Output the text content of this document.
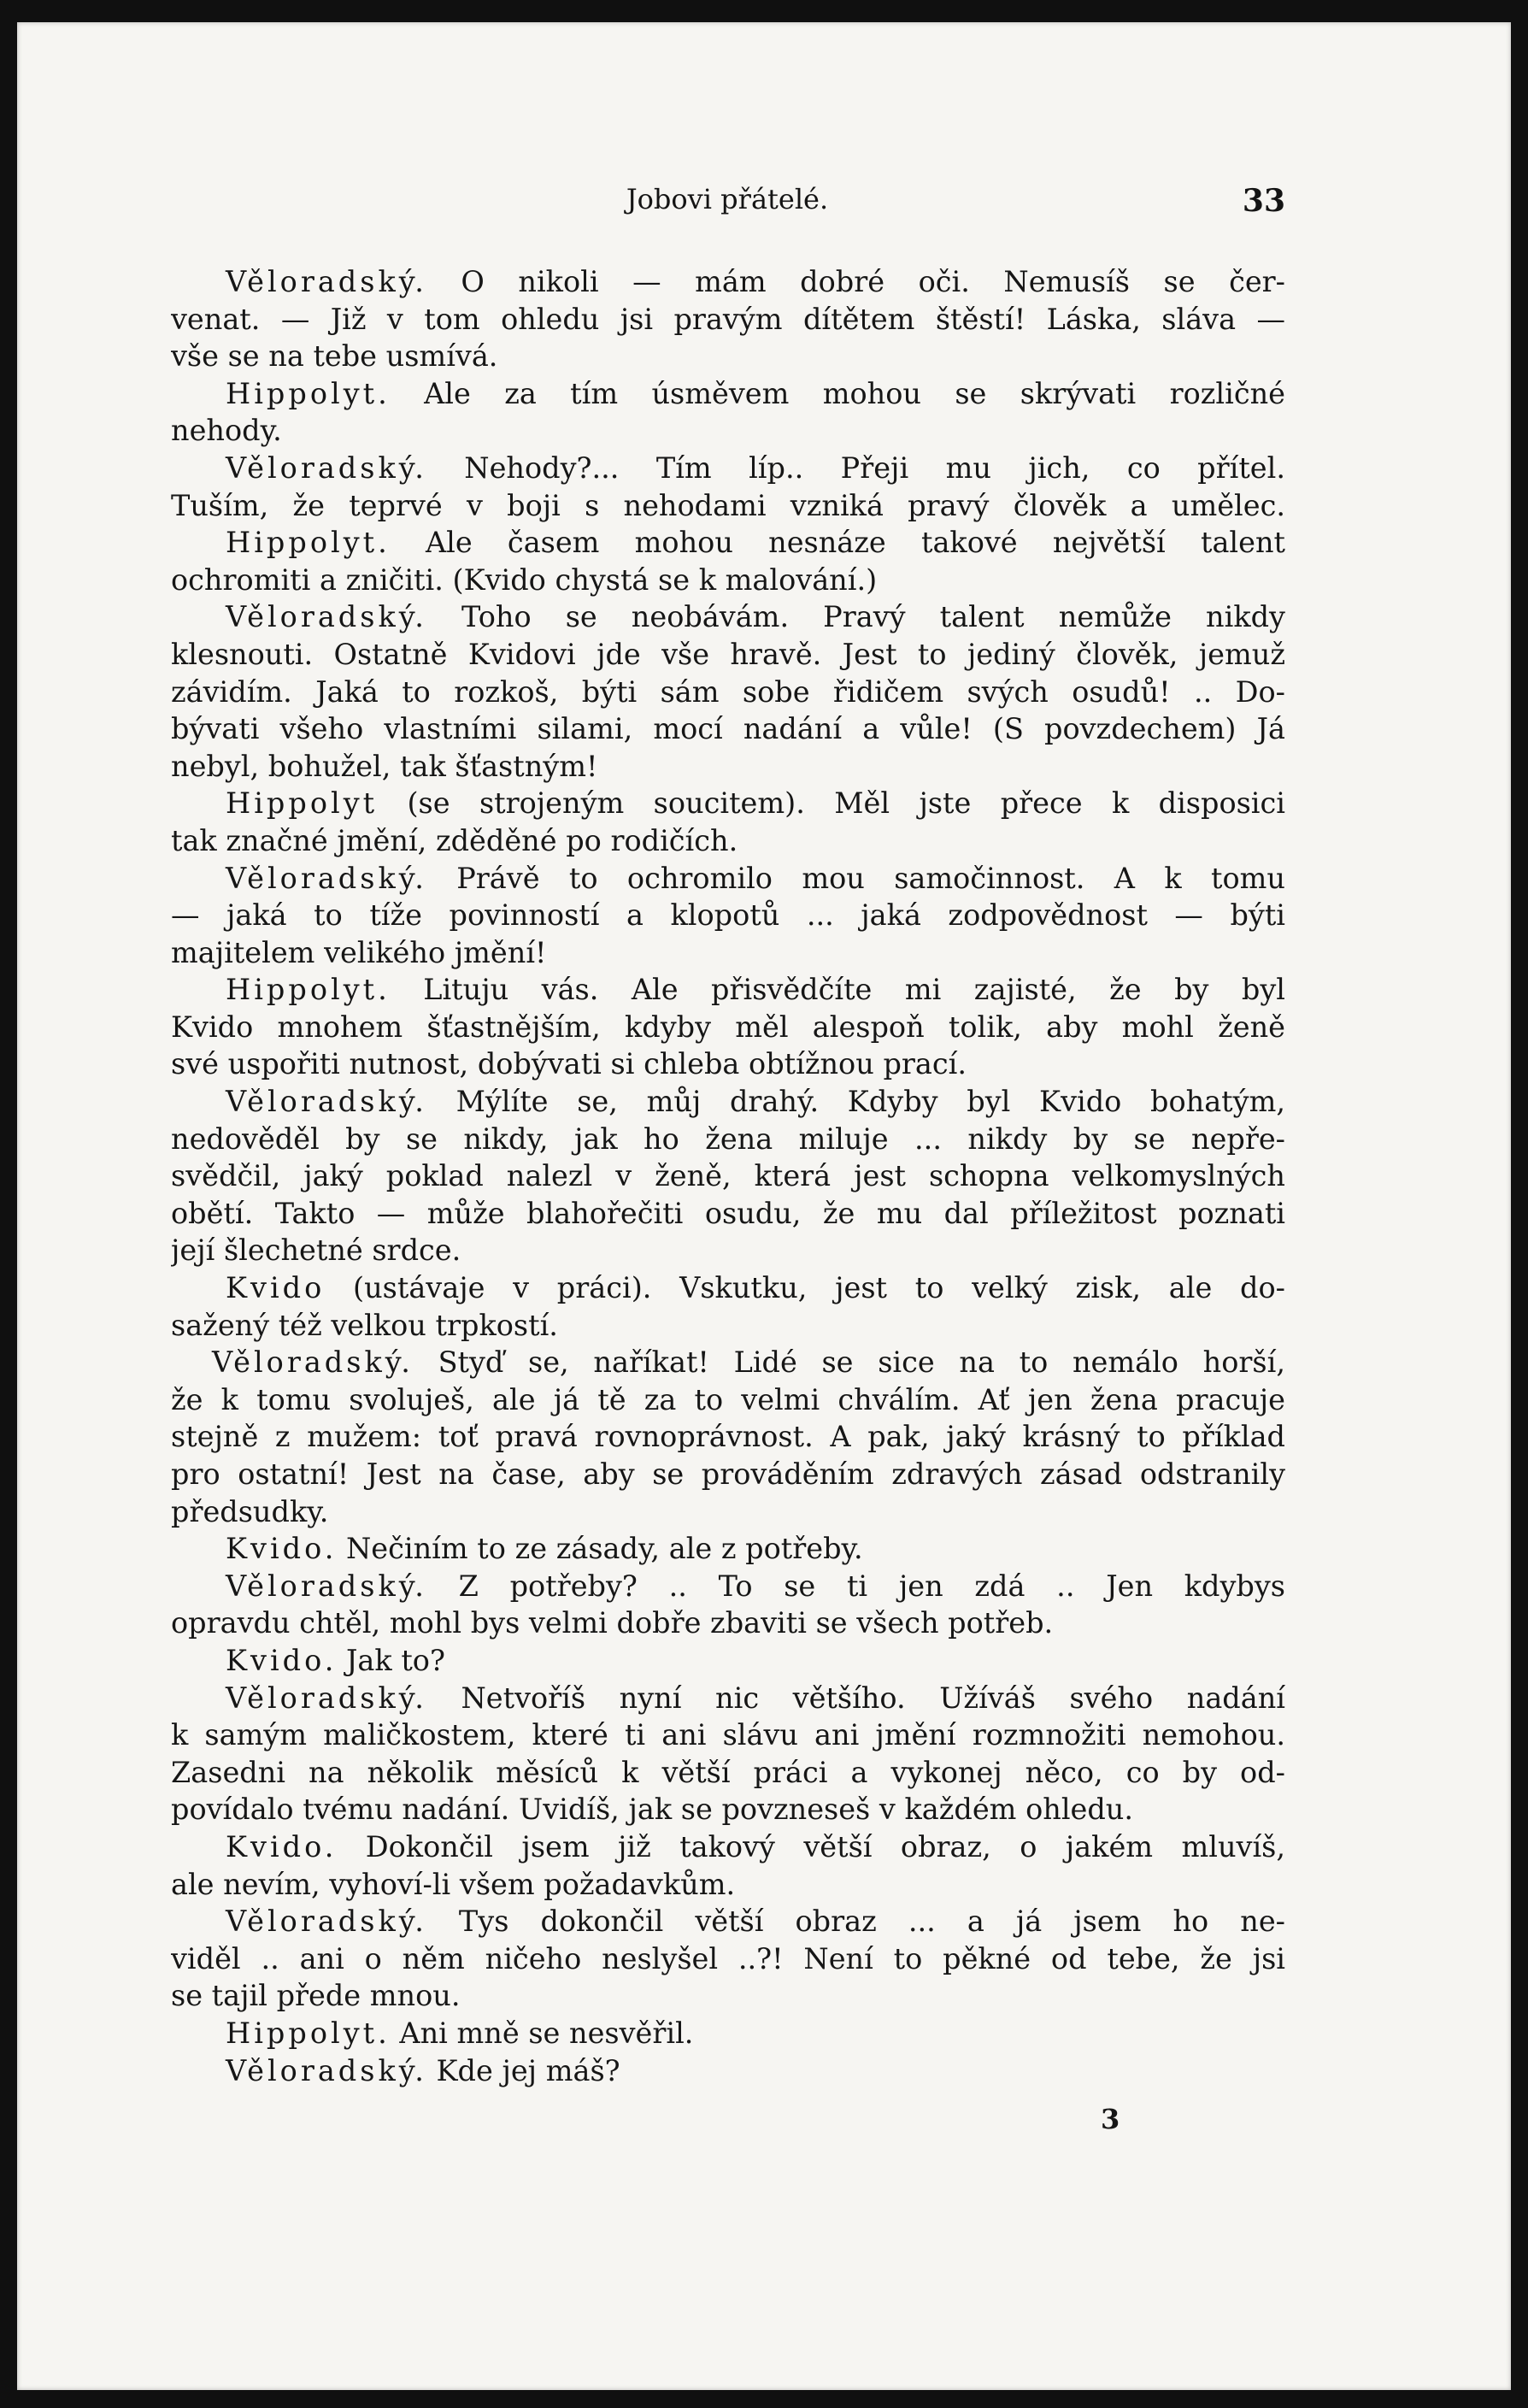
Jobovi přátelé.	33
Věloradský. O nikoli — mám dobré oči. Nemusíš se čer-
venat. — Již v tom ohledu jsi pravým dítětem štěstí! Láska, sláva —
vše se na tebe usmívá.
Hippolyt. Ale za tím úsměvem mohou se skrývati rozličné
nehody.
Věloradský. Nehody?... Tím líp.. Přeji mu jich, co přítel.
Tuším, že teprvé v boji s nehodami vzniká pravý člověk a umělec.
Hippolyt. Ale časem mohou nesnáze takové největší talent
ochromiti a zničiti. (Kvido chystá se k malování.)
Věloradský. Toho se neobávám. Pravý talent nemůže nikdy
klesnouti. Ostatně Kvidovi jde vše hravě. Jest to jediný člověk, jemuž
závidím. Jaká to rozkoš, býti sám sobe řidičem svých osudů! .. Do-
bývati všeho vlastními silami, mocí nadání a vůle! (S povzdechem) Já
nebyl, bohužel, tak šťastným!
Hippolyt (se strojeným soucitem). Měl jste přece k disposici
tak značné jmění, zděděné po rodičích.
Věloradský. Právě to ochromilo mou samočinnost. A k tomu
— jaká to tíže povinností a klopotů ... jaká zodpovědnost — býti
majitelem velikého jmění!
Hippolyt. Lituju vás. Ale přisvědčíte mi zajisté, že by byl
Kvido mnohem šťastnějším, kdyby měl alespoň tolik, aby mohl ženě
své uspořiti nutnost, dobývati si chleba obtížnou prací.
Věloradský. Mýlíte se, můj drahý. Kdyby byl Kvido bohatým,
nedověděl by se nikdy, jak ho žena miluje ... nikdy by se nepře-
svědčil, jaký poklad nalezl v ženě, která jest schopna velkomyslných
obětí. Takto — může blahořečiti osudu, že mu dal příležitost poznati
její šlechetné srdce.
Kvido (ustávaje v práci). Vskutku, jest to velký zisk, ale do-
sažený též velkou trpkostí.
Věloradský. Styď se, naříkat! Lidé se sice na to nemálo horší,
že k tomu svoluješ, ale já tě za to velmi chválím. Ať jen žena pracuje
stejně z mužem: toť pravá rovnoprávnost. A pak, jaký krásný to příklad
pro ostatní! Jest na čase, aby se prováděním zdravých zásad odstranily
předsudky.
Kvido. Nečiním to ze zásady, ale z potřeby.
Věloradský. Z potřeby? .. To se ti jen zdá .. Jen kdybys
opravdu chtěl, mohl bys velmi dobře zbaviti se všech potřeb.
Kvido. Jak to?
Věloradský. Netvoříš nyní nic většího. Užíváš svého nadání
k samým maličkostem, které ti ani slávu ani jmění rozmnožiti nemohou.
Zasedni na několik měsíců k větší práci a vykonej něco, co by od-
povídalo tvému nadání. Uvidíš, jak se povzneseš v každém ohledu.
Kvido. Dokončil jsem již takový větší obraz, o jakém mluvíš,
ale nevím, vyhoví-li všem požadavkům.
Věloradský. Tys dokončil větší obraz ... a já jsem ho ne-
viděl .. ani o něm ničeho neslyšel ..?! Není to pěkné od tebe, že jsi
se tajil přede mnou.
Hippolyt. Ani mně se nesvěřil.
Věloradský. Kde jej máš?
3
